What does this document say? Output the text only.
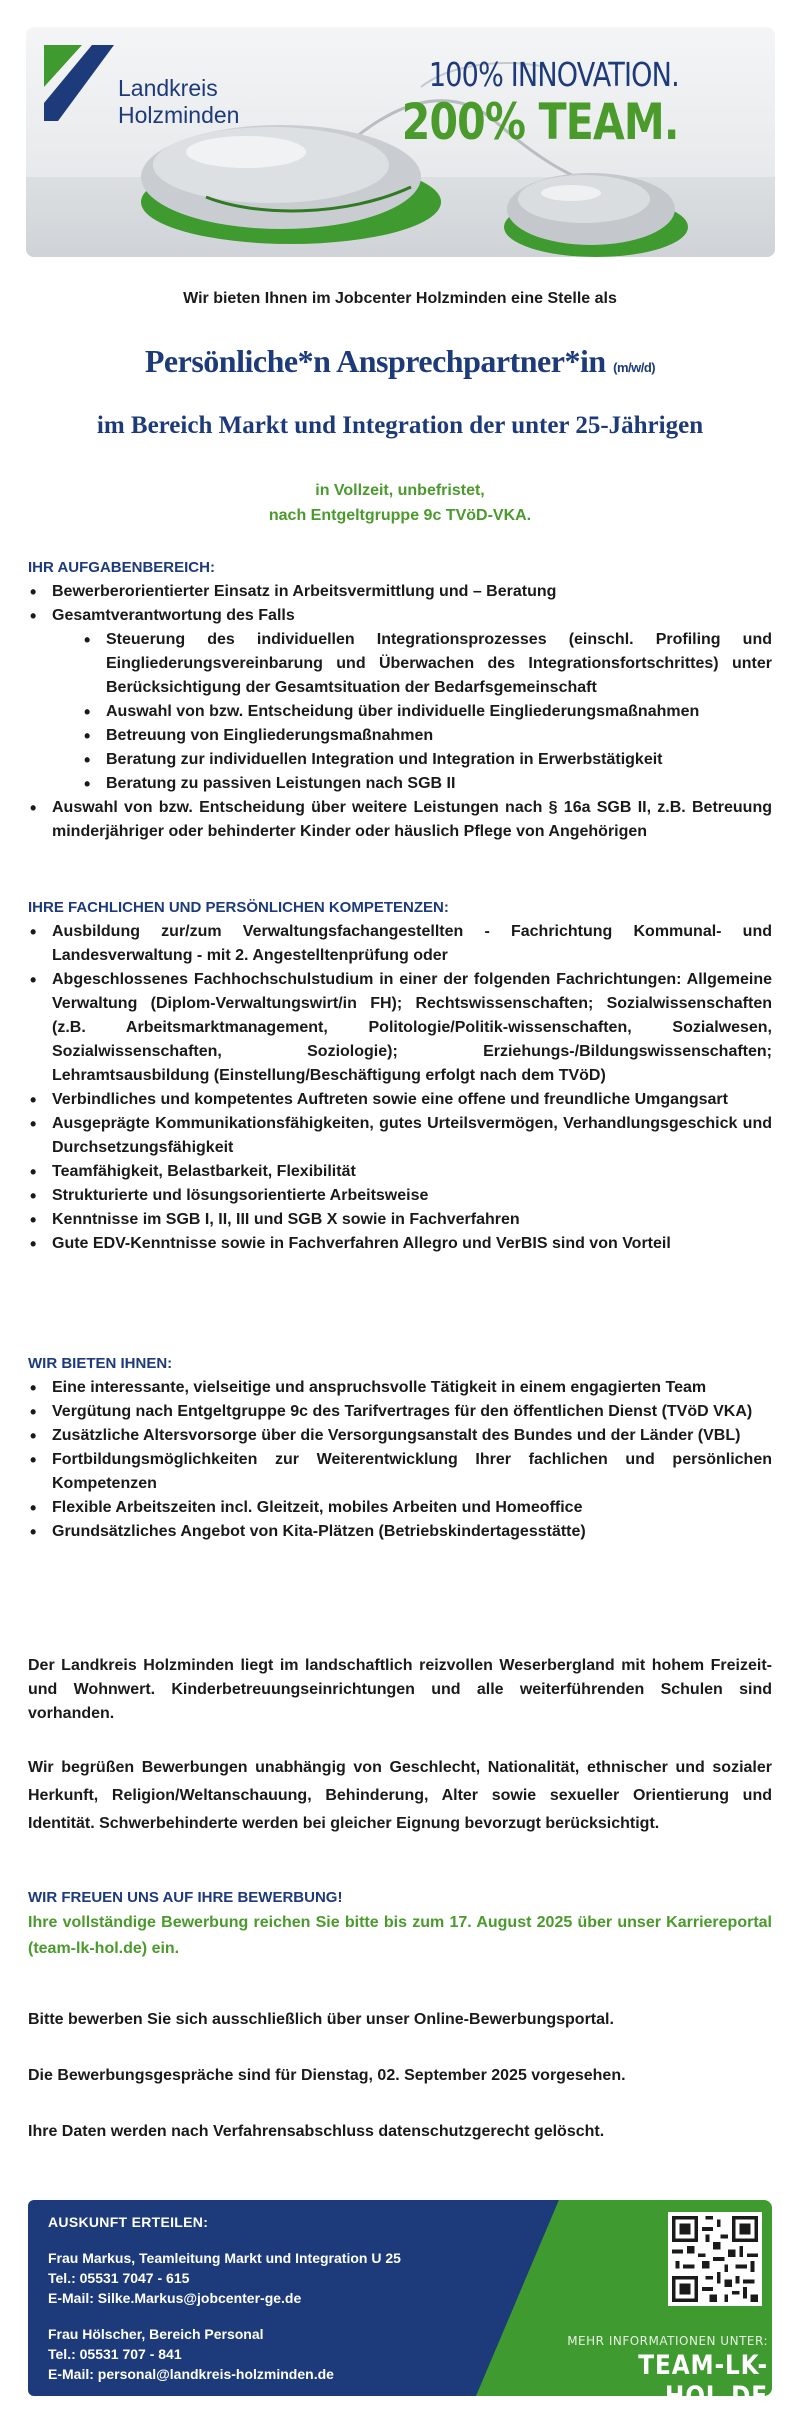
Landkreis
Holzminden
100% INNOVATION.
200% TEAM.
Wir bieten Ihnen im Jobcenter Holzminden eine Stelle als
Persönliche*n Ansprechpartner*in (m/w/d)
im Bereich Markt und Integration der unter 25-Jährigen
in Vollzeit, unbefristet,
nach Entgeltgruppe 9c TVöD-VKA.
IHR AUFGABENBEREICH:
• Bewerberorientierter Einsatz in Arbeitsvermittlung und – Beratung
• Gesamtverantwortung des Falls
• Steuerung des individuellen Integrationsprozesses (einschl. Profiling und Eingliederungsvereinbarung und Überwachen des Integrationsfortschrittes) unter Berücksichtigung der Gesamtsituation der Bedarfsgemeinschaft
• Auswahl von bzw. Entscheidung über individuelle Eingliederungsmaßnahmen
• Betreuung von Eingliederungsmaßnahmen
• Beratung zur individuellen Integration und Integration in Erwerbstätigkeit
• Beratung zu passiven Leistungen nach SGB II
• Auswahl von bzw. Entscheidung über weitere Leistungen nach § 16a SGB II, z.B. Betreuung minderjähriger oder behinderter Kinder oder häuslich Pflege von Angehörigen
IHRE FACHLICHEN UND PERSÖNLICHEN KOMPETENZEN:
• Ausbildung zur/zum Verwaltungsfachangestellten - Fachrichtung Kommunal- und Landesverwaltung - mit 2. Angestelltenprüfung oder
• Abgeschlossenes Fachhochschulstudium in einer der folgenden Fachrichtungen: Allgemeine Verwaltung (Diplom-Verwaltungswirt/in FH); Rechtswissenschaften; Sozialwissenschaften (z.B. Arbeitsmarktmanagement, Politologie/Politik-wissenschaften, Sozialwesen, Sozialwissenschaften, Soziologie); Erziehungs-/Bildungswissenschaften; Lehramtsausbildung (Einstellung/Beschäftigung erfolgt nach dem TVöD)
• Verbindliches und kompetentes Auftreten sowie eine offene und freundliche Umgangsart
• Ausgeprägte Kommunikationsfähigkeiten, gutes Urteilsvermögen, Verhandlungsgeschick und Durchsetzungsfähigkeit
• Teamfähigkeit, Belastbarkeit, Flexibilität
• Strukturierte und lösungsorientierte Arbeitsweise
• Kenntnisse im SGB I, II, III und SGB X sowie in Fachverfahren
• Gute EDV-Kenntnisse sowie in Fachverfahren Allegro und VerBIS sind von Vorteil
WIR BIETEN IHNEN:
• Eine interessante, vielseitige und anspruchsvolle Tätigkeit in einem engagierten Team
• Vergütung nach Entgeltgruppe 9c des Tarifvertrages für den öffentlichen Dienst (TVöD VKA)
• Zusätzliche Altersvorsorge über die Versorgungsanstalt des Bundes und der Länder (VBL)
• Fortbildungsmöglichkeiten zur Weiterentwicklung Ihrer fachlichen und persönlichen Kompetenzen
• Flexible Arbeitszeiten incl. Gleitzeit, mobiles Arbeiten und Homeoffice
• Grundsätzliches Angebot von Kita-Plätzen (Betriebskindertagesstätte)
Der Landkreis Holzminden liegt im landschaftlich reizvollen Weserbergland mit hohem Freizeit- und Wohnwert. Kinderbetreuungseinrichtungen und alle weiterführenden Schulen sind vorhanden.
Wir begrüßen Bewerbungen unabhängig von Geschlecht, Nationalität, ethnischer und sozialer Herkunft, Religion/Weltanschauung, Behinderung, Alter sowie sexueller Orientierung und Identität. Schwerbehinderte werden bei gleicher Eignung bevorzugt berücksichtigt.
WIR FREUEN UNS AUF IHRE BEWERBUNG!
Ihre vollständige Bewerbung reichen Sie bitte bis zum 17. August 2025 über unser Karriereportal (team-lk-hol.de) ein.
Bitte bewerben Sie sich ausschließlich über unser Online-Bewerbungsportal.
Die Bewerbungsgespräche sind für Dienstag, 02. September 2025 vorgesehen.
Ihre Daten werden nach Verfahrensabschluss datenschutzgerecht gelöscht.
AUSKUNFT ERTEILEN:
Frau Markus, Teamleitung Markt und Integration U 25
Tel.: 05531 7047 - 615
E-Mail: Silke.Markus@jobcenter-ge.de
Frau Hölscher, Bereich Personal
Tel.: 05531 707 - 841
E-Mail: personal@landkreis-holzminden.de
MEHR INFORMATIONEN UNTER:
TEAM-LK-HOL.DE
